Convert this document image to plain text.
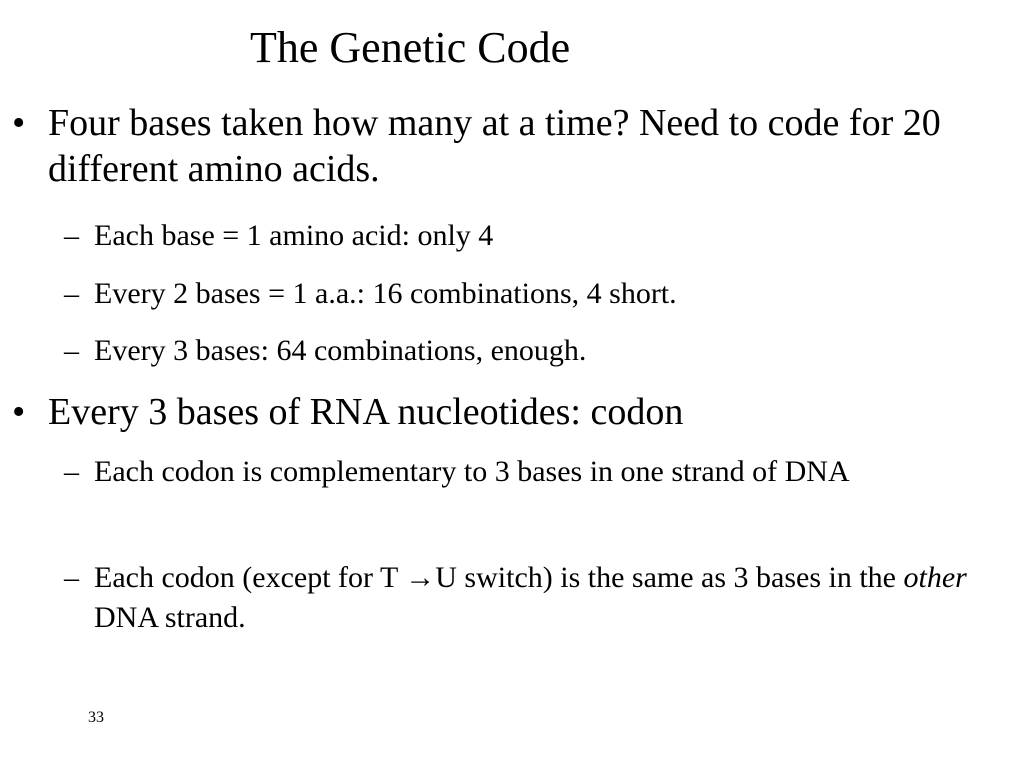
The Genetic Code
• Four bases taken how many at a time? Need to code for 20 different amino acids.
– Each base = 1 amino acid: only 4
– Every 2 bases = 1 a.a.: 16 combinations, 4 short.
– Every 3 bases: 64 combinations, enough.
• Every 3 bases of RNA nucleotides: codon
– Each codon is complementary to 3 bases in one strand of DNA
– Each codon (except for T →U switch) is the same as 3 bases in the other DNA strand.
33
